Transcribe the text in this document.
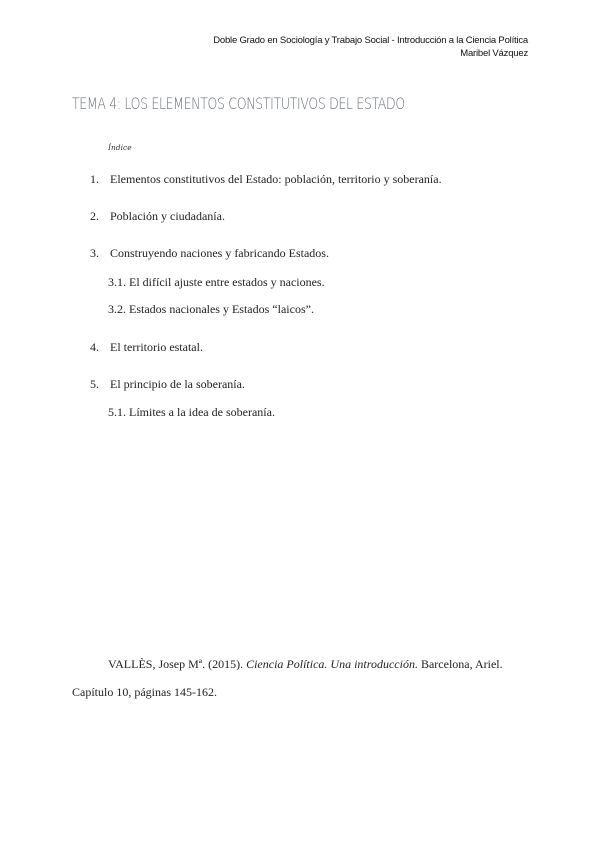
Doble Grado en Sociología y Trabajo Social - Introducción a la Ciencia Política
Maribel Vázquez
TEMA 4: LOS ELEMENTOS CONSTITUTIVOS DEL ESTADO
Índice
1. Elementos constitutivos del Estado: población, territorio y soberanía.
2. Población y ciudadanía.
3. Construyendo naciones y fabricando Estados.
3.1. El difícil ajuste entre estados y naciones.
3.2. Estados nacionales y Estados “laicos”.
4. El territorio estatal.
5. El principio de la soberanía.
5.1. Límites a la idea de soberanía.
VALLÈS, Josep Mª. (2015). Ciencia Política. Una introducción. Barcelona, Ariel.
Capítulo 10, páginas 145-162.
